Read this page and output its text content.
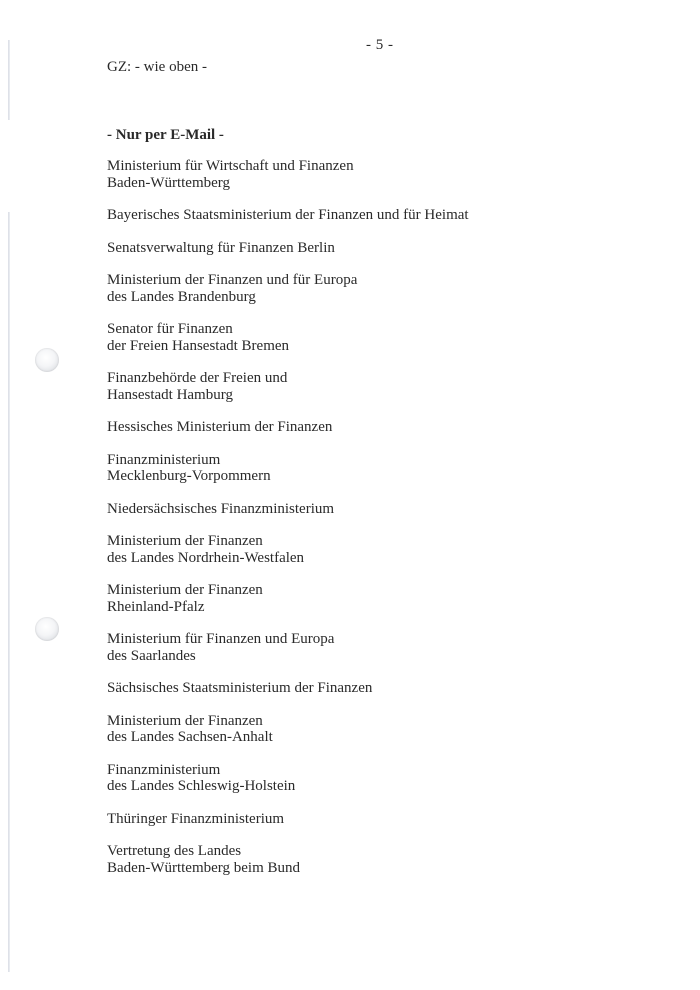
- 5 -
GZ: - wie oben -
- Nur per E-Mail -
Ministerium für Wirtschaft und Finanzen
Baden-Württemberg
Bayerisches Staatsministerium der Finanzen und für Heimat
Senatsverwaltung für Finanzen Berlin
Ministerium der Finanzen und für Europa
des Landes Brandenburg
Senator für Finanzen
der Freien Hansestadt Bremen
Finanzbehörde der Freien und
Hansestadt Hamburg
Hessisches Ministerium der Finanzen
Finanzministerium
Mecklenburg-Vorpommern
Niedersächsisches Finanzministerium
Ministerium der Finanzen
des Landes Nordrhein-Westfalen
Ministerium der Finanzen
Rheinland-Pfalz
Ministerium für Finanzen und Europa
des Saarlandes
Sächsisches Staatsministerium der Finanzen
Ministerium der Finanzen
des Landes Sachsen-Anhalt
Finanzministerium
des Landes Schleswig-Holstein
Thüringer Finanzministerium
Vertretung des Landes
Baden-Württemberg beim Bund
